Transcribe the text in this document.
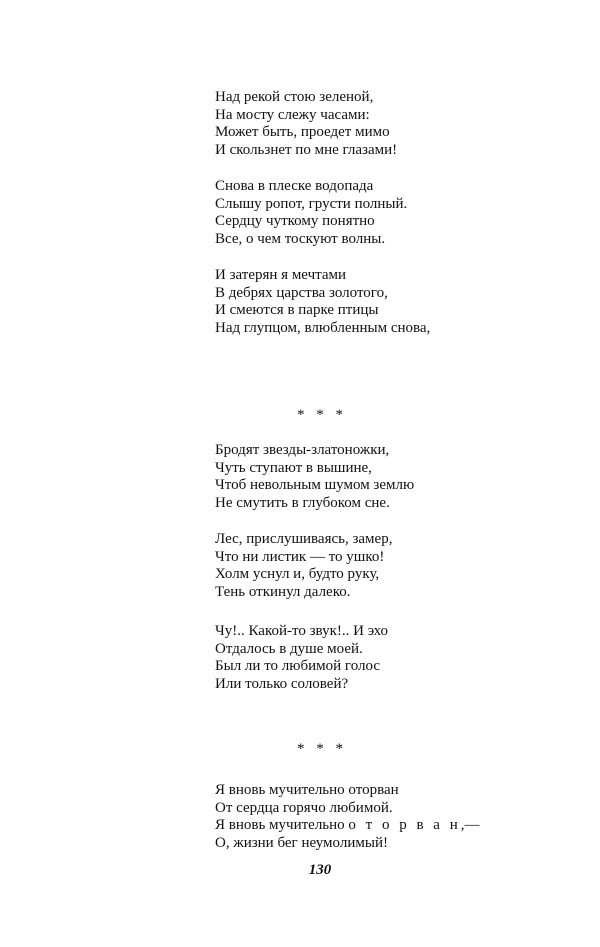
Над рекой стою зеленой,
На мосту слежу часами:
Может быть, проедет мимо
И скользнет по мне глазами!
Снова в плеске водопада
Слышу ропот, грусти полный.
Сердцу чуткому понятно
Все, о чем тоскуют волны.
И затерян я мечтами
В дебрях царства золотого,
И смеются в парке птицы
Над глупцом, влюбленным снова,
* * *
Бродят звезды-златоножки,
Чуть ступают в вышине,
Чтоб невольным шумом землю
Не смутить в глубоком сне.
Лес, прислушиваясь, замер,
Что ни листик — то ушко!
Холм уснул и, будто руку,
Тень откинул далеко.
Чу!.. Какой-то звук!.. И эхо
Отдалось в душе моей.
Был ли то любимой голос
Или только соловей?
* * *
Я вновь мучительно оторван
От сердца горячо любимой.
Я вновь мучительно о т о р в а н,—
О, жизни бег неумолимый!
130
